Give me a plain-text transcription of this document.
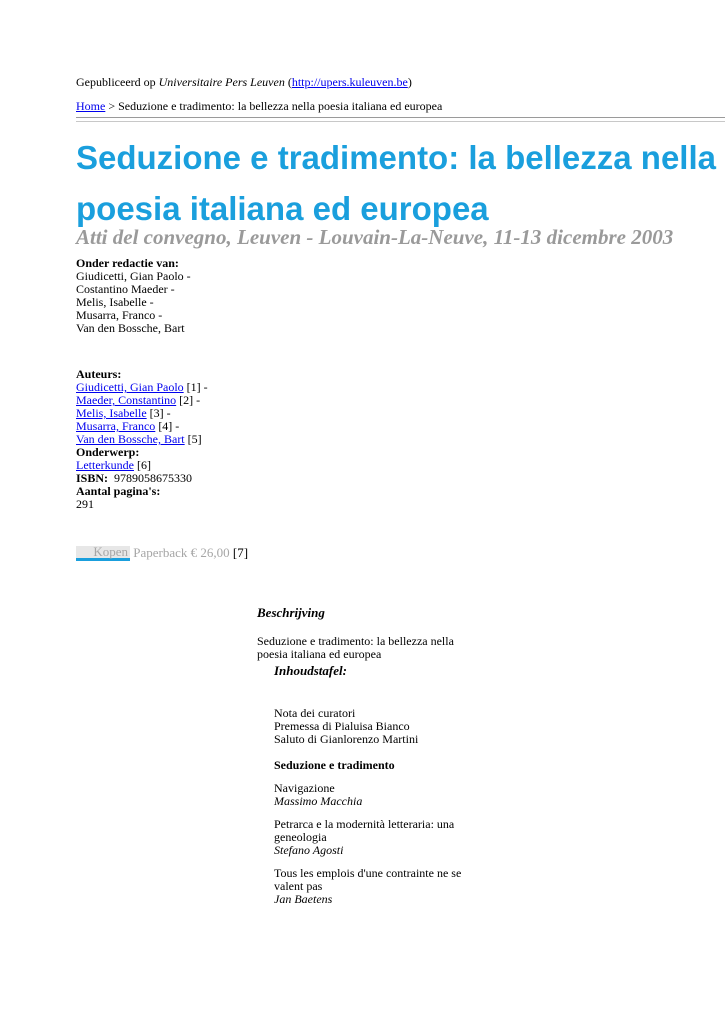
Gepubliceerd op Universitaire Pers Leuven (http://upers.kuleuven.be)
Home > Seduzione e tradimento: la bellezza nella poesia italiana ed europea
Seduzione e tradimento: la bellezza nella poesia italiana ed europea
Atti del convegno, Leuven - Louvain-La-Neuve, 11-13 dicembre 2003
Onder redactie van:
Giudicetti, Gian Paolo -
Costantino Maeder -
Melis, Isabelle -
Musarra, Franco -
Van den Bossche, Bart
Auteurs:
Giudicetti, Gian Paolo [1] -
Maeder, Constantino [2] -
Melis, Isabelle [3] -
Musarra, Franco [4] -
Van den Bossche, Bart [5]
Onderwerp:
Letterkunde [6]
ISBN:  9789058675330
Aantal pagina's:
291
Kopen Paperback € 26,00 [7]
Beschrijving
Seduzione e tradimento: la bellezza nella poesia italiana ed europea
Inhoudstafel:
Nota dei curatori
Premessa di Pialuisa Bianco
Saluto di Gianlorenzo Martini
Seduzione e tradimento
Navigazione
Massimo Macchia
Petrarca e la modernità letteraria: una geneologia
Stefano Agosti
Tous les emplois d'une contrainte ne se valent pas
Jan Baetens
